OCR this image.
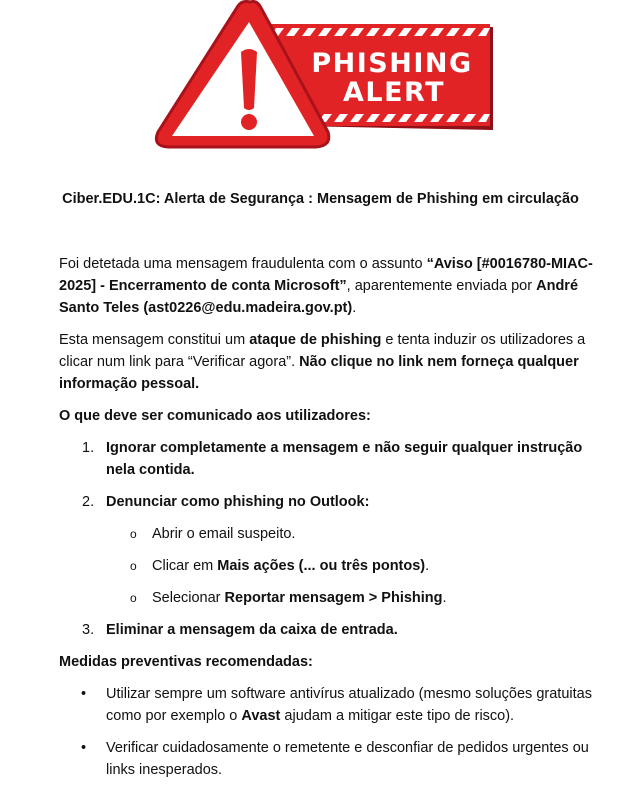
PHISHING
ALERT
Ciber.EDU.1C: Alerta de Segurança : Mensagem de Phishing em circulação

Foi detetada uma mensagem fraudulenta com o assunto “Aviso [#0016780-MIAC-2025] - Encerramento de conta Microsoft”, aparentemente enviada por André Santo Teles (ast0226@edu.madeira.gov.pt).

Esta mensagem constitui um ataque de phishing e tenta induzir os utilizadores a clicar num link para “Verificar agora”. Não clique no link nem forneça qualquer informação pessoal.

O que deve ser comunicado aos utilizadores:

1. Ignorar completamente a mensagem e não seguir qualquer instrução nela contida.
2. Denunciar como phishing no Outlook:
o Abrir o email suspeito.
o Clicar em Mais ações (... ou três pontos).
o Selecionar Reportar mensagem > Phishing.
3. Eliminar a mensagem da caixa de entrada.

Medidas preventivas recomendadas:

• Utilizar sempre um software antivírus atualizado (mesmo soluções gratuitas como por exemplo o Avast ajudam a mitigar este tipo de risco).
• Verificar cuidadosamente o remetente e desconfiar de pedidos urgentes ou links inesperados.
